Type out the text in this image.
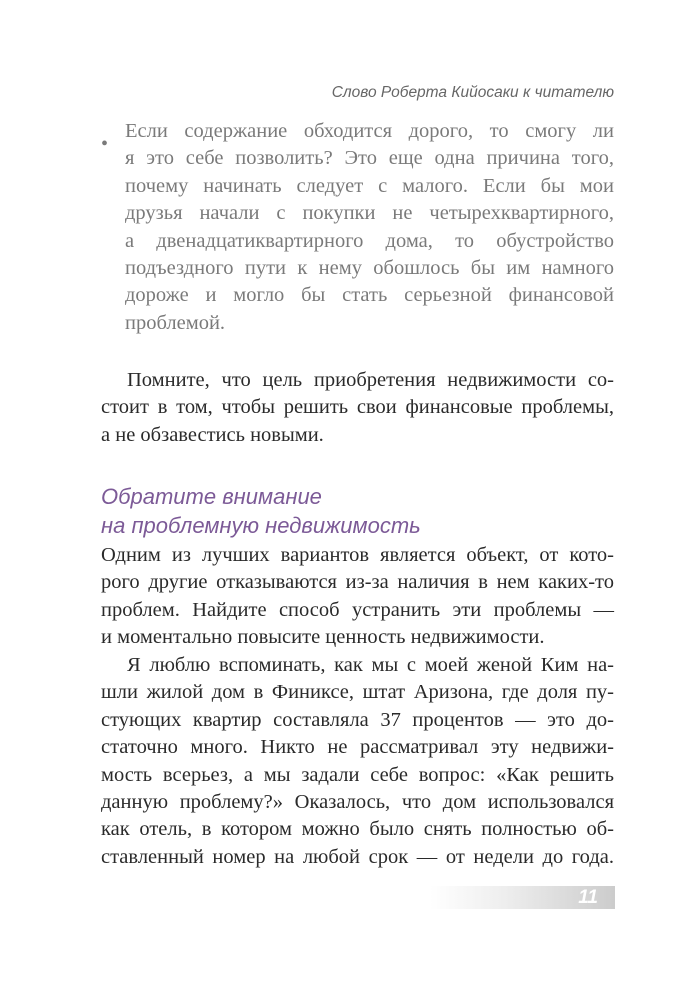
Слово Роберта Кийосаки к читателю
•
Если содержание обходится дорого, то смогу ли
я это себе позволить? Это еще одна причина того,
почему начинать следует с малого. Если бы мои
друзья начали с покупки не четырехквартирного,
а двенадцатиквартирного дома, то обустройство
подъездного пути к нему обошлось бы им намного
дороже и могло бы стать серьезной финансовой
проблемой.
Помните, что цель приобретения недвижимости со-
стоит в том, чтобы решить свои финансовые проблемы,
а не обзавестись новыми.
Обратите внимание
на проблемную недвижимость
Одним из лучших вариантов является объект, от кото-
рого другие отказываются из-за наличия в нем каких-то
проблем. Найдите способ устранить эти проблемы —
и моментально повысите ценность недвижимости.
Я люблю вспоминать, как мы с моей женой Ким на-
шли жилой дом в Финиксе, штат Аризона, где доля пу-
стующих квартир составляла 37 процентов — это до-
статочно много. Никто не рассматривал эту недвижи-
мость всерьез, а мы задали себе вопрос: «Как решить
данную проблему?» Оказалось, что дом использовался
как отель, в котором можно было снять полностью об-
ставленный номер на любой срок — от недели до года.
11
